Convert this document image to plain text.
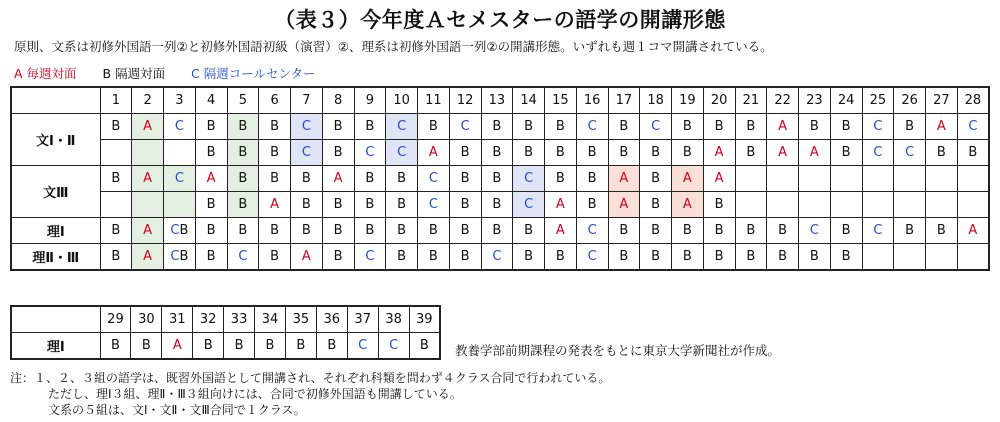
（表３）今年度Ａセメスターの語学の開講形態
原則、文系は初修外国語一列②と初修外国語初級（演習）②、理系は初修外国語一列②の開講形態。いずれも週１コマ開講されている。
A 毎週対面 B 隔週対面 C 隔週コールセンター
	1	2	3	4	5	6	7	8	9	10	11	12	13	14	15	16	17	18	19	20	21	22	23	24	25	26	27	28
文Ⅰ・Ⅱ	B	A	C	B	B	B	C	B	B	C	B	C	B	B	B	C	B	C	B	B	B	A	B	B	C	B	A	C
				B	B	B	C	B	C	C	A	B	B	B	B	B	B	B	B	A	B	A	A	B	C	C	B	B
文Ⅲ	B	A	C	A	B	B	B	A	B	B	C	B	B	C	B	B	A	B	A	A								
				B	B	A	B	B	B	B	C	B	B	C	A	B	A	B	A	B								
理Ⅰ	B	A	CB	B	B	B	B	B	B	B	B	B	B	B	A	C	B	B	B	B	B	B	C	B	C	B	B	A
理Ⅱ・Ⅲ	B	A	CB	B	C	B	A	B	C	B	B	B	C	B	B	C	B	B	B	B	B	B	B	B				
	29	30	31	32	33	34	35	36	37	38	39
理Ⅰ	B	B	A	B	B	B	B	B	C	C	B 教養学部前期課程の発表をもとに東京大学新聞社が作成。
注：１、２、３組の語学は、既習外国語として開講され、それぞれ科類を問わず４クラス合同で行われている。
ただし、理Ⅰ３組、理Ⅱ・Ⅲ３組向けには、合同で初修外国語も開講している。
文系の５組は、文Ⅰ・文Ⅱ・文Ⅲ合同で１クラス。
